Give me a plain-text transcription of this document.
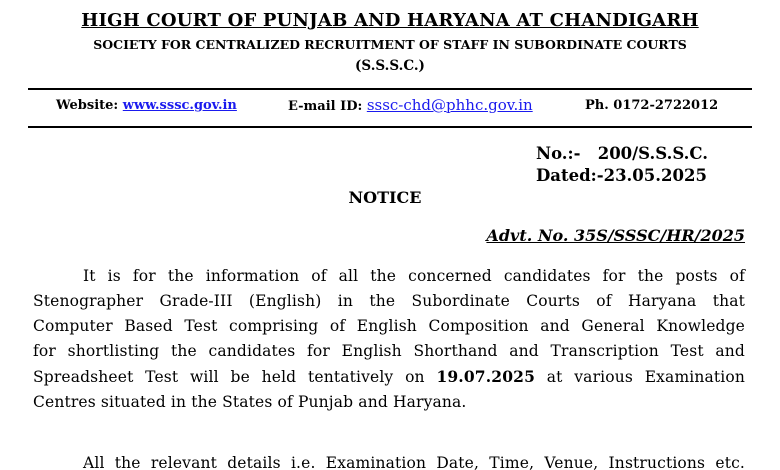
HIGH COURT OF PUNJAB AND HARYANA AT CHANDIGARH
SOCIETY FOR CENTRALIZED RECRUITMENT OF STAFF IN SUBORDINATE COURTS
(S.S.S.C.)
Website: www.sssc.gov.in	E-mail ID: sssc-chd@phhc.gov.in	Ph. 0172-2722012
No.:-   200/S.S.S.C.
Dated:-23.05.2025
NOTICE
Advt. No. 35S/SSSC/HR/2025
It is for the information of all the concerned candidates for the posts of
Stenographer Grade-III (English) in the Subordinate Courts of Haryana that
Computer Based Test comprising of English Composition and General Knowledge
for shortlisting the candidates for English Shorthand and Transcription Test and
Spreadsheet Test will be held tentatively on 19.07.2025 at various Examination
Centres situated in the States of Punjab and Haryana.
All the relevant details i.e. Examination Date, Time, Venue, Instructions etc.
